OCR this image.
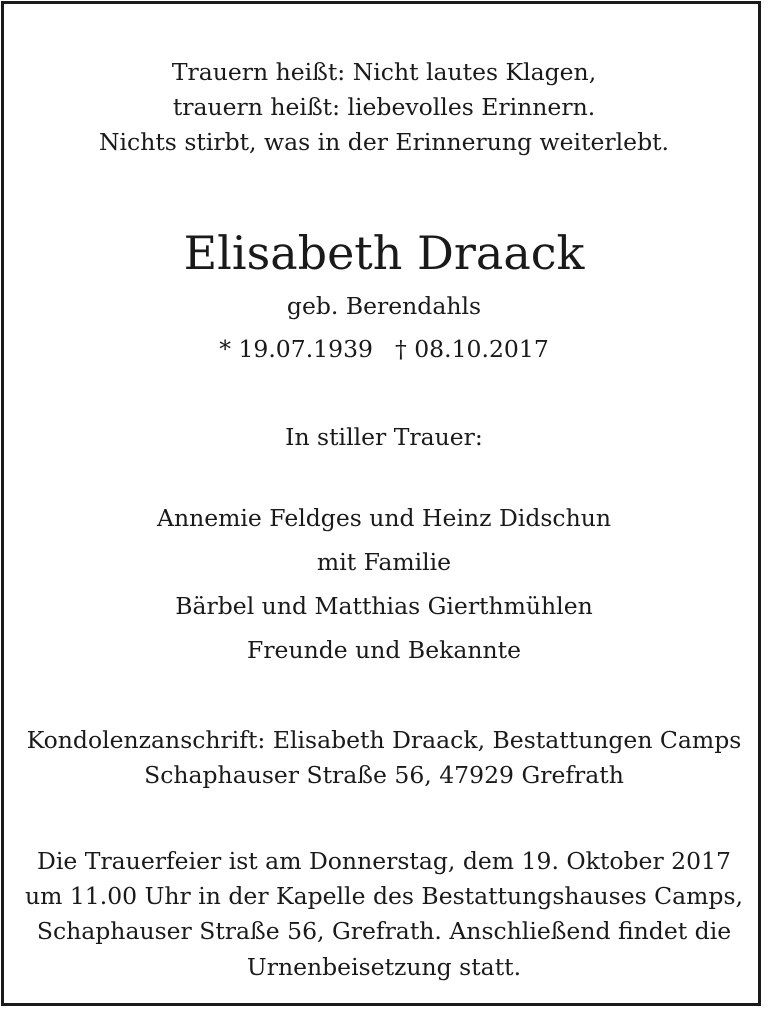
Trauern heißt: Nicht lautes Klagen,
trauern heißt: liebevolles Erinnern.
Nichts stirbt, was in der Erinnerung weiterlebt.
Elisabeth Draack
geb. Berendahls
* 19.07.1939 † 08.10.2017
In stiller Trauer:
Annemie Feldges und Heinz Didschun
mit Familie
Bärbel und Matthias Gierthmühlen
Freunde und Bekannte
Kondolenzanschrift: Elisabeth Draack, Bestattungen Camps
Schaphauser Straße 56, 47929 Grefrath
Die Trauerfeier ist am Donnerstag, dem 19. Oktober 2017
um 11.00 Uhr in der Kapelle des Bestattungshauses Camps,
Schaphauser Straße 56, Grefrath. Anschließend findet die
Urnenbeisetzung statt.
